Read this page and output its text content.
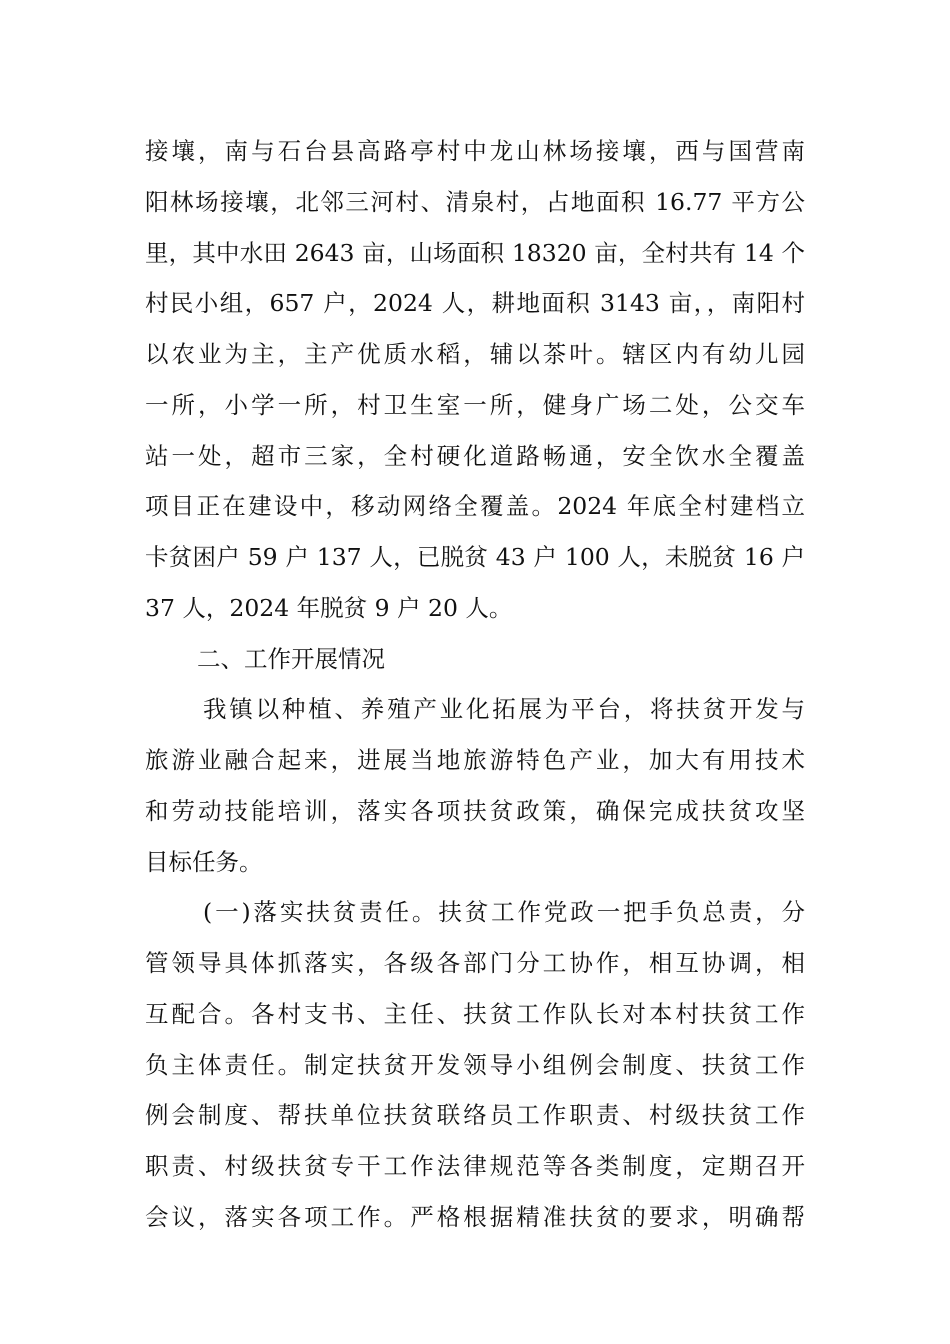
接壤，南与石台县高路亭村中龙山林场接壤，西与国营南
阳林场接壤，北邻三河村、清泉村，占地面积 16.77 平方公
里，其中水田 2643 亩，山场面积 18320 亩，全村共有 14 个
村民小组，657 户，2024 人，耕地面积 3143 亩，，南阳村
以农业为主，主产优质水稻，辅以茶叶。辖区内有幼儿园
一所，小学一所，村卫生室一所，健身广场二处，公交车
站一处，超市三家，全村硬化道路畅通，安全饮水全覆盖
项目正在建设中，移动网络全覆盖。2024 年底全村建档立
卡贫困户 59 户 137 人，已脱贫 43 户 100 人，未脱贫 16 户
37 人，2024 年脱贫 9 户 20 人。
二、工作开展情况
我镇以种植、养殖产业化拓展为平台，将扶贫开发与
旅游业融合起来，进展当地旅游特色产业，加大有用技术
和劳动技能培训，落实各项扶贫政策，确保完成扶贫攻坚
目标任务。
(一)落实扶贫责任。扶贫工作党政一把手负总责，分
管领导具体抓落实，各级各部门分工协作，相互协调，相
互配合。各村支书、主任、扶贫工作队长对本村扶贫工作
负主体责任。制定扶贫开发领导小组例会制度、扶贫工作
例会制度、帮扶单位扶贫联络员工作职责、村级扶贫工作
职责、村级扶贫专干工作法律规范等各类制度，定期召开
会议，落实各项工作。严格根据精准扶贫的要求，明确帮
